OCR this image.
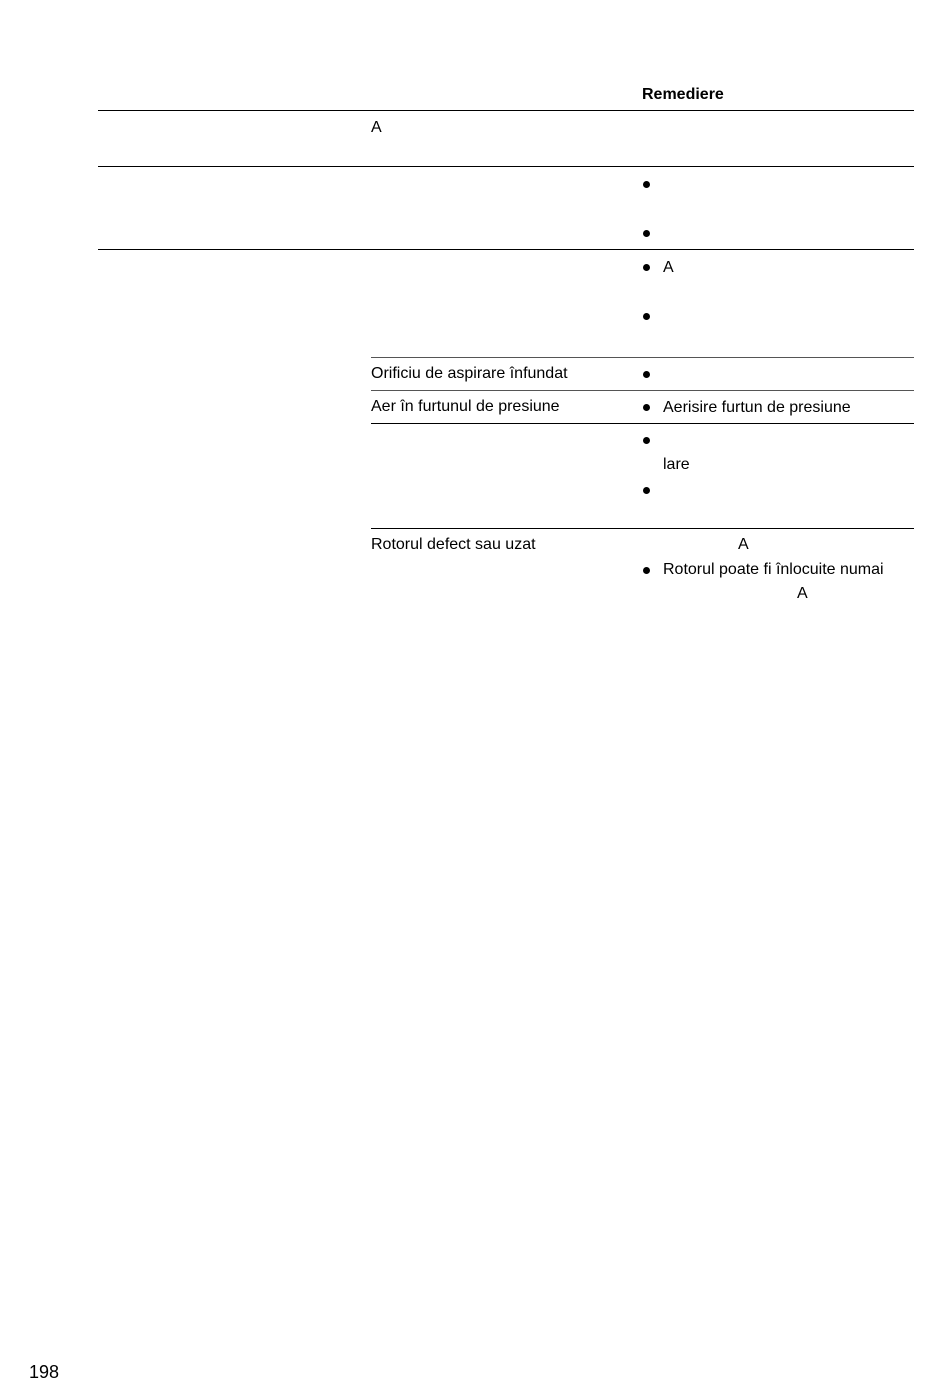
Remediere
A
A
Orificiu de aspirare înfundat
Aer în furtunul de presiune	Aerisire furtun de presiune
lare
Rotorul defect sau uzat	A
Rotorul poate fi înlocuite numai
A
198
